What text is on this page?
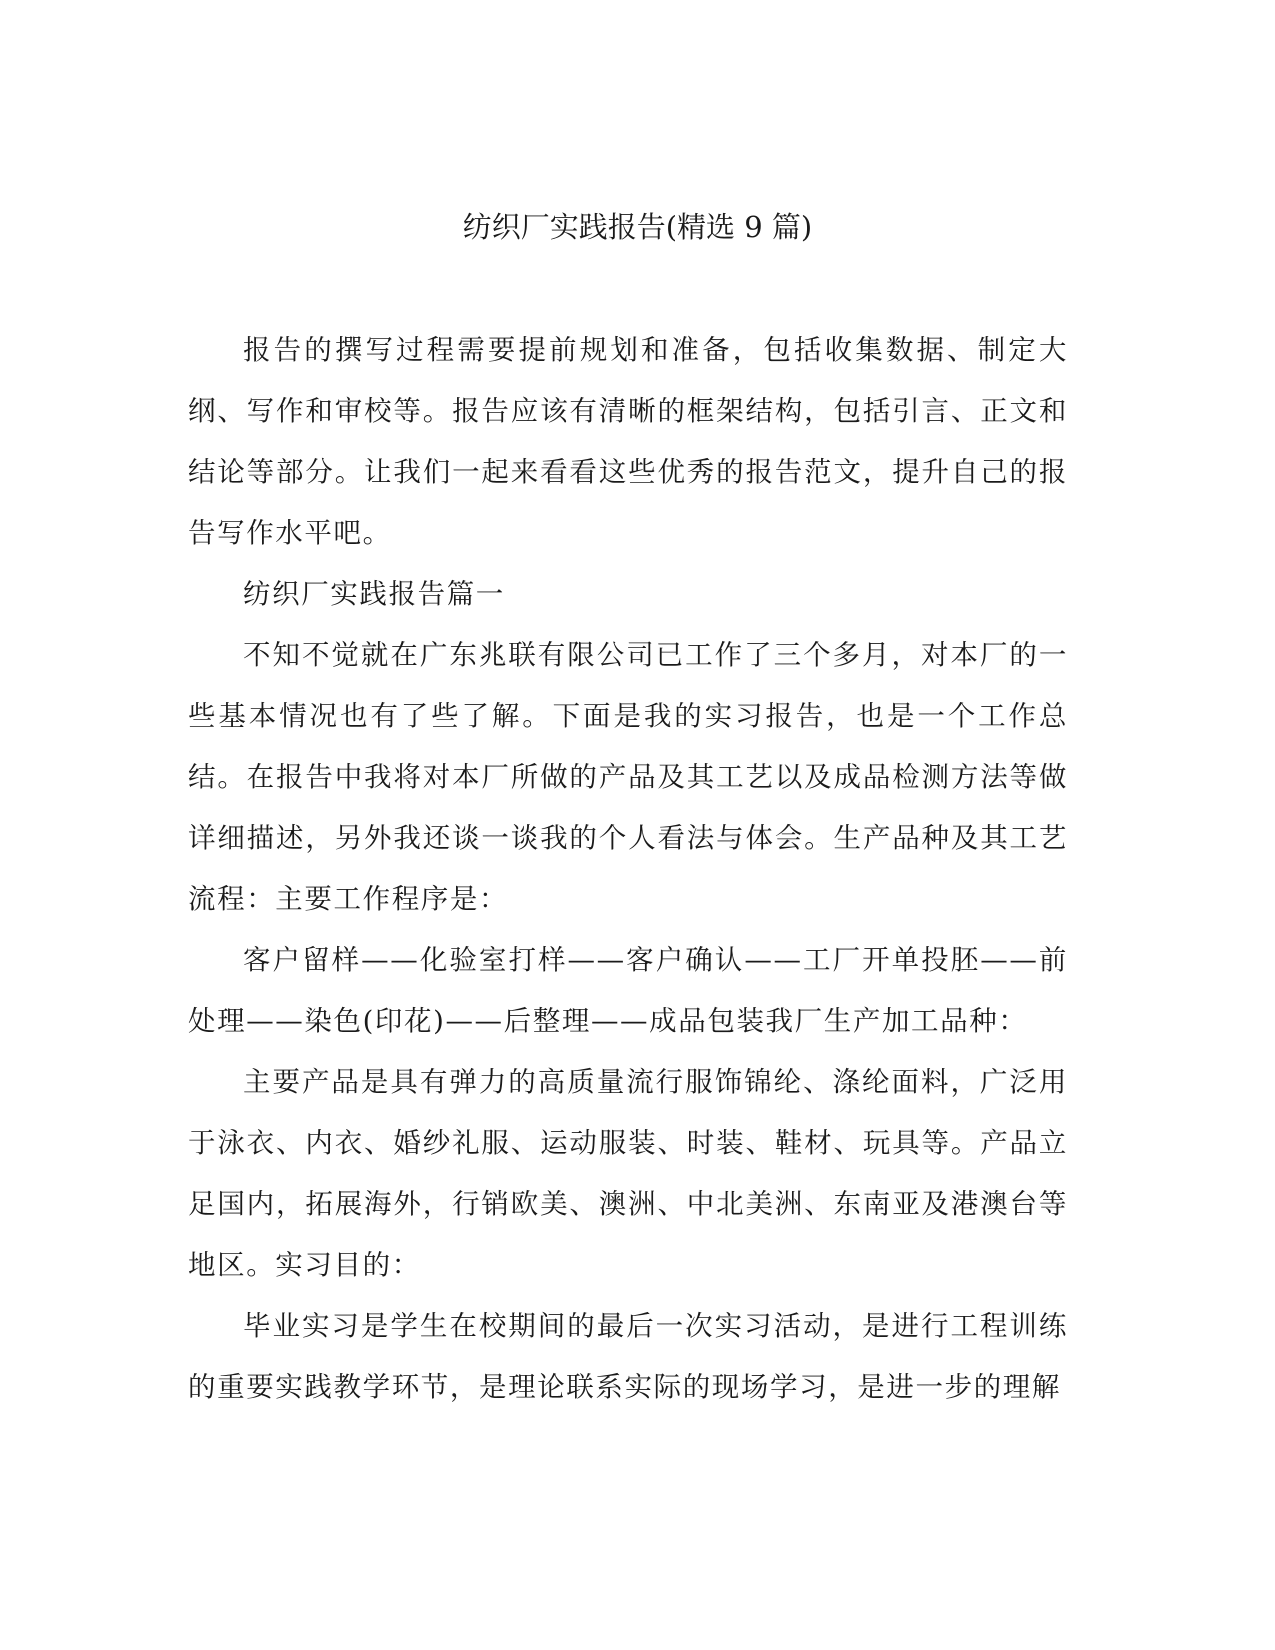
纺织厂实践报告(精选 9 篇)

报告的撰写过程需要提前规划和准备，包括收集数据、制定大纲、写作和审校等。报告应该有清晰的框架结构，包括引言、正文和结论等部分。让我们一起来看看这些优秀的报告范文，提升自己的报告写作水平吧。

纺织厂实践报告篇一

不知不觉就在广东兆联有限公司已工作了三个多月，对本厂的一些基本情况也有了些了解。下面是我的实习报告，也是一个工作总结。在报告中我将对本厂所做的产品及其工艺以及成品检测方法等做详细描述，另外我还谈一谈我的个人看法与体会。生产品种及其工艺流程：主要工作程序是：

客户留样——化验室打样——客户确认——工厂开单投胚——前处理——染色(印花)——后整理——成品包装我厂生产加工品种：

主要产品是具有弹力的高质量流行服饰锦纶、涤纶面料，广泛用于泳衣、内衣、婚纱礼服、运动服装、时装、鞋材、玩具等。产品立足国内，拓展海外，行销欧美、澳洲、中北美洲、东南亚及港澳台等地区。实习目的：

毕业实习是学生在校期间的最后一次实习活动，是进行工程训练的重要实践教学环节，是理论联系实际的现场学习，是进一步的理解
